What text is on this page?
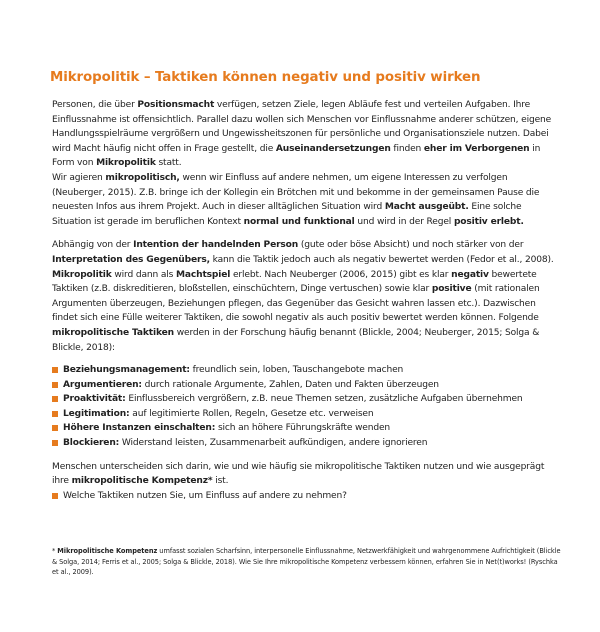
Mikropolitik – Taktiken können negativ und positiv wirken

Personen, die über Positionsmacht verfügen, setzen Ziele, legen Abläufe fest und verteilen Aufgaben. Ihre Einflussnahme ist offensichtlich. Parallel dazu wollen sich Menschen vor Einflussnahme anderer schützen, eigene Handlungsspielräume vergrößern und Ungewissheitszonen für persönliche und Organisationsziele nutzen. Dabei wird Macht häufig nicht offen in Frage gestellt, die Auseinandersetzungen finden eher im Verborgenen in Form von Mikropolitik statt.

Wir agieren mikropolitisch, wenn wir Einfluss auf andere nehmen, um eigene Interessen zu verfolgen (Neuberger, 2015). Z.B. bringe ich der Kollegin ein Brötchen mit und bekomme in der gemeinsamen Pause die neuesten Infos aus ihrem Projekt. Auch in dieser alltäglichen Situation wird Macht ausgeübt. Eine solche Situation ist gerade im beruflichen Kontext normal und funktional und wird in der Regel positiv erlebt.

Abhängig von der Intention der handelnden Person (gute oder böse Absicht) und noch stärker von der Interpretation des Gegenübers, kann die Taktik jedoch auch als negativ bewertet werden (Fedor et al., 2008). Mikropolitik wird dann als Machtspiel erlebt. Nach Neuberger (2006, 2015) gibt es klar negativ bewertete Taktiken (z.B. diskreditieren, bloßstellen, einschüchtern, Dinge vertuschen) sowie klar positive (mit rationalen Argumenten überzeugen, Beziehungen pflegen, das Gegenüber das Gesicht wahren lassen etc.). Dazwischen findet sich eine Fülle weiterer Taktiken, die sowohl negativ als auch positiv bewertet werden können. Folgende mikropolitische Taktiken werden in der Forschung häufig benannt (Blickle, 2004; Neuberger, 2015; Solga & Blickle, 2018):

Beziehungsmanagement: freundlich sein, loben, Tauschangebote machen
Argumentieren: durch rationale Argumente, Zahlen, Daten und Fakten überzeugen
Proaktivität: Einflussbereich vergrößern, z.B. neue Themen setzen, zusätzliche Aufgaben übernehmen
Legitimation: auf legitimierte Rollen, Regeln, Gesetze etc. verweisen
Höhere Instanzen einschalten: sich an höhere Führungskräfte wenden
Blockieren: Widerstand leisten, Zusammenarbeit aufkündigen, andere ignorieren

Menschen unterscheiden sich darin, wie und wie häufig sie mikropolitische Taktiken nutzen und wie ausgeprägt ihre mikropolitische Kompetenz* ist.

Welche Taktiken nutzen Sie, um Einfluss auf andere zu nehmen?

* Mikropolitische Kompetenz umfasst sozialen Scharfsinn, interpersonelle Einflussnahme, Netzwerkfähigkeit und wahrgenommene Aufrichtigkeit (Blickle & Solga, 2014; Ferris et al., 2005; Solga & Blickle, 2018). Wie Sie Ihre mikropolitische Kompetenz verbessern können, erfahren Sie in Net(t)works! (Ryschka et al., 2009).
